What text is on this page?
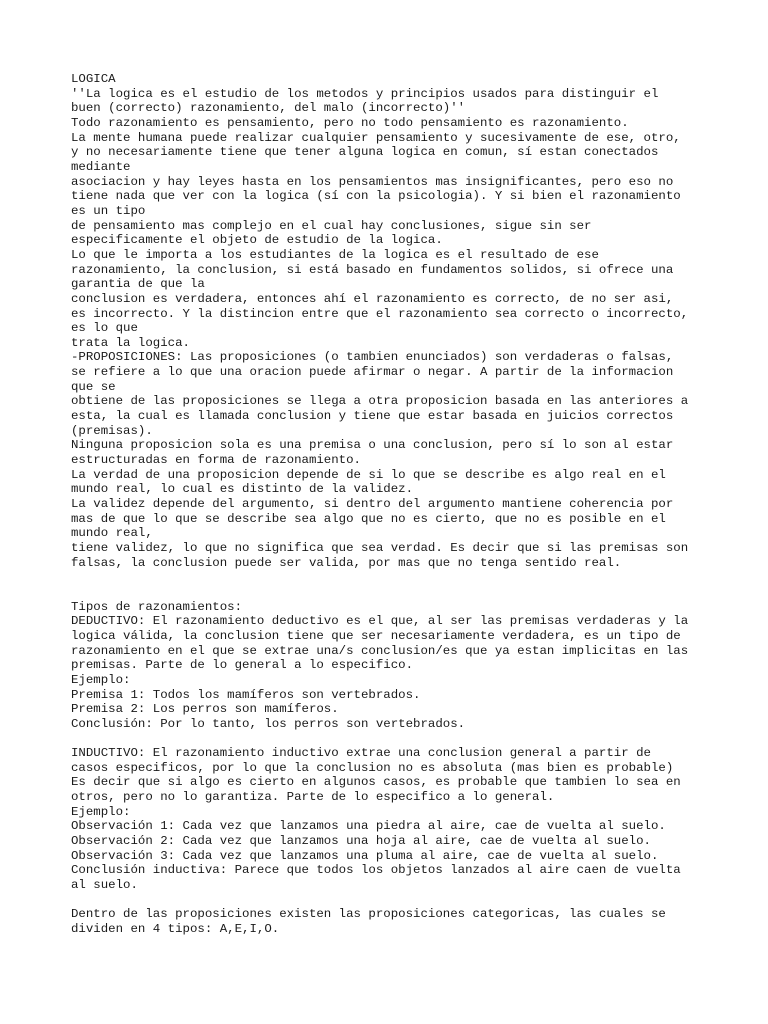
LOGICA
''La logica es el estudio de los metodos y principios usados para distinguir el
buen (correcto) razonamiento, del malo (incorrecto)''
Todo razonamiento es pensamiento, pero no todo pensamiento es razonamiento.
La mente humana puede realizar cualquier pensamiento y sucesivamente de ese, otro,
y no necesariamente tiene que tener alguna logica en comun, sí estan conectados
mediante
asociacion y hay leyes hasta en los pensamientos mas insignificantes, pero eso no
tiene nada que ver con la logica (sí con la psicologia). Y si bien el razonamiento
es un tipo
de pensamiento mas complejo en el cual hay conclusiones, sigue sin ser
especificamente el objeto de estudio de la logica.
Lo que le importa a los estudiantes de la logica es el resultado de ese
razonamiento, la conclusion, si está basado en fundamentos solidos, si ofrece una
garantia de que la
conclusion es verdadera, entonces ahí el razonamiento es correcto, de no ser asi,
es incorrecto. Y la distincion entre que el razonamiento sea correcto o incorrecto,
es lo que
trata la logica.
-PROPOSICIONES: Las proposiciones (o tambien enunciados) son verdaderas o falsas,
se refiere a lo que una oracion puede afirmar o negar. A partir de la informacion
que se
obtiene de las proposiciones se llega a otra proposicion basada en las anteriores a
esta, la cual es llamada conclusion y tiene que estar basada en juicios correctos
(premisas).
Ninguna proposicion sola es una premisa o una conclusion, pero sí lo son al estar
estructuradas en forma de razonamiento.
La verdad de una proposicion depende de si lo que se describe es algo real en el
mundo real, lo cual es distinto de la validez.
La validez depende del argumento, si dentro del argumento mantiene coherencia por
mas de que lo que se describe sea algo que no es cierto, que no es posible en el
mundo real,
tiene validez, lo que no significa que sea verdad. Es decir que si las premisas son
falsas, la conclusion puede ser valida, por mas que no tenga sentido real.
Tipos de razonamientos:
DEDUCTIVO: El razonamiento deductivo es el que, al ser las premisas verdaderas y la
logica válida, la conclusion tiene que ser necesariamente verdadera, es un tipo de
razonamiento en el que se extrae una/s conclusion/es que ya estan implicitas en las
premisas. Parte de lo general a lo especifico.
Ejemplo:
Premisa 1: Todos los mamíferos son vertebrados.
Premisa 2: Los perros son mamíferos.
Conclusión: Por lo tanto, los perros son vertebrados.
INDUCTIVO: El razonamiento inductivo extrae una conclusion general a partir de
casos especificos, por lo que la conclusion no es absoluta (mas bien es probable)
Es decir que si algo es cierto en algunos casos, es probable que tambien lo sea en
otros, pero no lo garantiza. Parte de lo especifico a lo general.
Ejemplo:
Observación 1: Cada vez que lanzamos una piedra al aire, cae de vuelta al suelo.
Observación 2: Cada vez que lanzamos una hoja al aire, cae de vuelta al suelo.
Observación 3: Cada vez que lanzamos una pluma al aire, cae de vuelta al suelo.
Conclusión inductiva: Parece que todos los objetos lanzados al aire caen de vuelta
al suelo.
Dentro de las proposiciones existen las proposiciones categoricas, las cuales se
dividen en 4 tipos: A,E,I,O.
